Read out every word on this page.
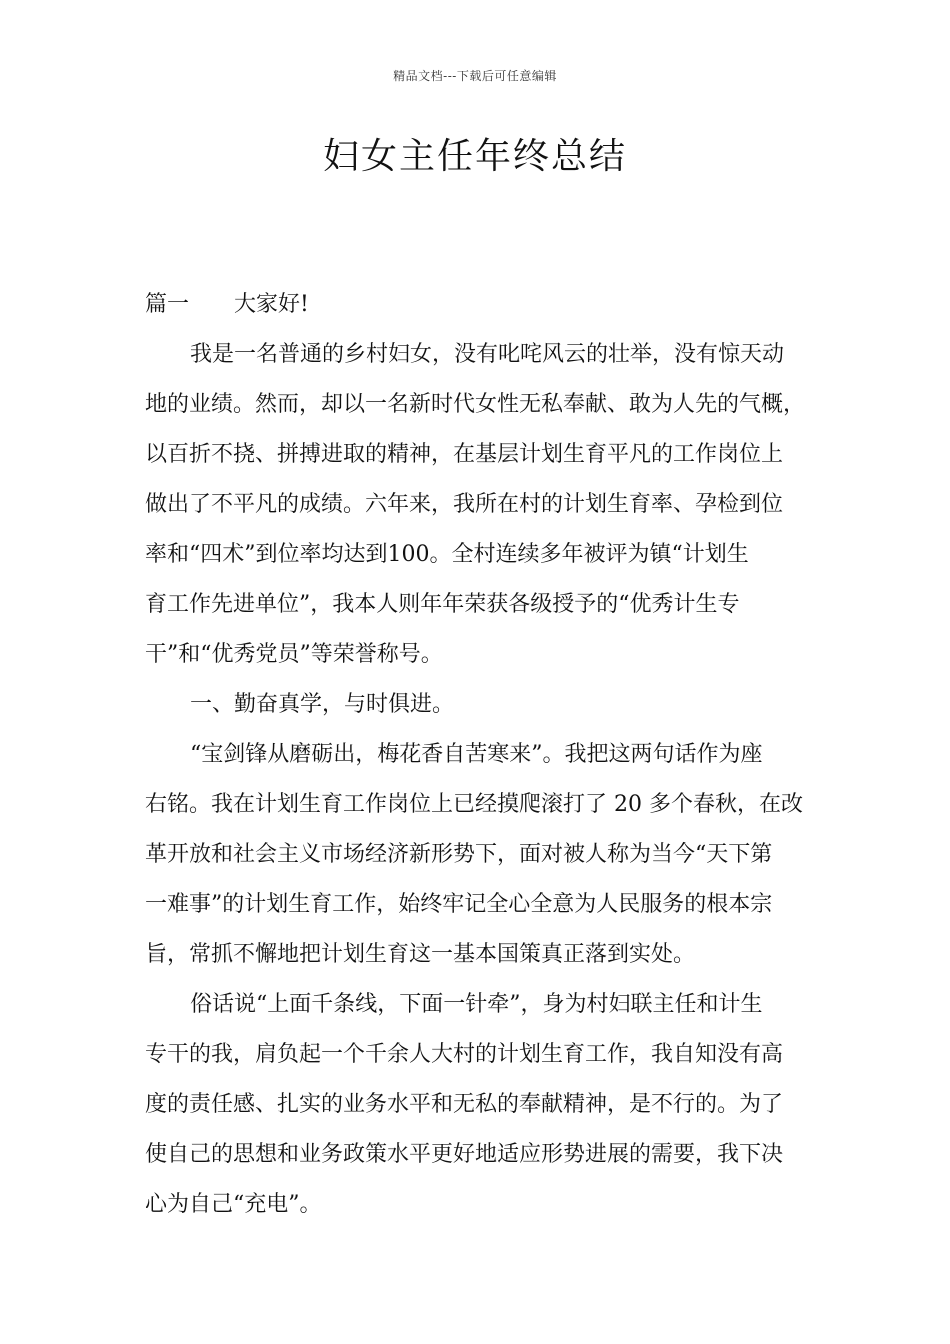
精品文档---下载后可任意编辑
妇女主任年终总结
篇一 大家好!
我是一名普通的乡村妇女，没有叱咤风云的壮举，没有惊天动
地的业绩。然而，却以一名新时代女性无私奉献、敢为人先的气概，
以百折不挠、拼搏进取的精神，在基层计划生育平凡的工作岗位上
做出了不平凡的成绩。六年来，我所在村的计划生育率、孕检到位
率和“四术”到位率均达到100。全村连续多年被评为镇“计划生
育工作先进单位”，我本人则年年荣获各级授予的“优秀计生专
干”和“优秀党员”等荣誉称号。
一、勤奋真学，与时俱进。
“宝剑锋从磨砺出，梅花香自苦寒来”。我把这两句话作为座
右铭。我在计划生育工作岗位上已经摸爬滚打了 20 多个春秋，在改
革开放和社会主义市场经济新形势下，面对被人称为当今“天下第
一难事”的计划生育工作，始终牢记全心全意为人民服务的根本宗
旨，常抓不懈地把计划生育这一基本国策真正落到实处。
俗话说“上面千条线，下面一针牵”，身为村妇联主任和计生
专干的我，肩负起一个千余人大村的计划生育工作，我自知没有高
度的责任感、扎实的业务水平和无私的奉献精神，是不行的。为了
使自己的思想和业务政策水平更好地适应形势进展的需要，我下决
心为自己“充电”。
